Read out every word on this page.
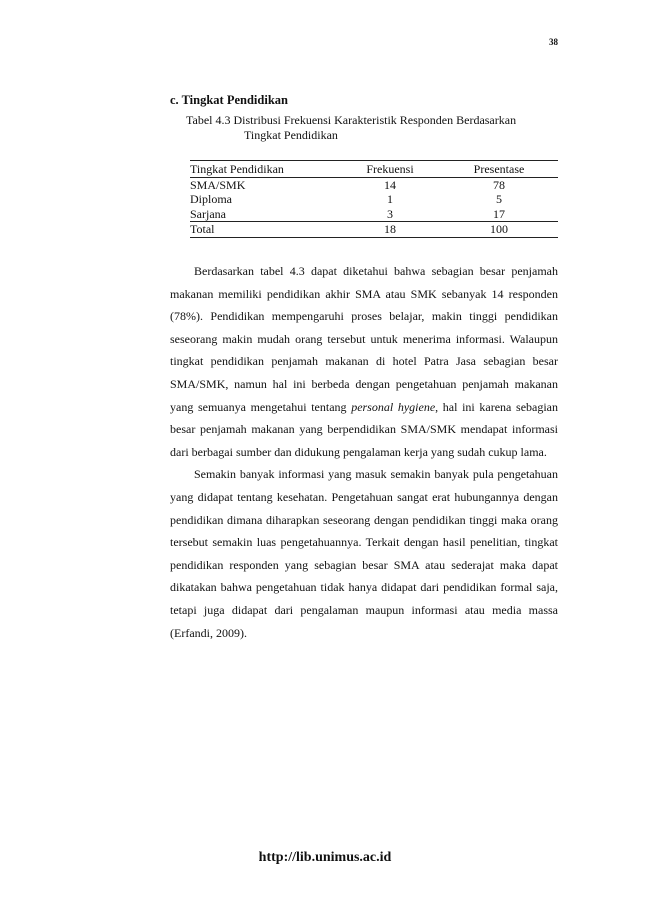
38
c. Tingkat Pendidikan
Tabel 4.3 Distribusi Frekuensi Karakteristik Responden Berdasarkan
Tingkat Pendidikan
Tingkat Pendidikan	Frekuensi	Presentase
SMA/SMK	14	78
Diploma	1	5
Sarjana	3	17
Total	18	100

Berdasarkan tabel 4.3 dapat diketahui bahwa sebagian besar penjamah makanan memiliki pendidikan akhir SMA atau SMK sebanyak 14 responden (78%). Pendidikan mempengaruhi proses belajar, makin tinggi pendidikan seseorang makin mudah orang tersebut untuk menerima informasi. Walaupun tingkat pendidikan penjamah makanan di hotel Patra Jasa sebagian besar SMA/SMK, namun hal ini berbeda dengan pengetahuan penjamah makanan yang semuanya mengetahui tentang personal hygiene, hal ini karena sebagian besar penjamah makanan yang berpendidikan SMA/SMK mendapat informasi dari berbagai sumber dan didukung pengalaman kerja yang sudah cukup lama.

Semakin banyak informasi yang masuk semakin banyak pula pengetahuan yang didapat tentang kesehatan. Pengetahuan sangat erat hubungannya dengan pendidikan dimana diharapkan seseorang dengan pendidikan tinggi maka orang tersebut semakin luas pengetahuannya. Terkait dengan hasil penelitian, tingkat pendidikan responden yang sebagian besar SMA atau sederajat maka dapat dikatakan bahwa pengetahuan tidak hanya didapat dari pendidikan formal saja, tetapi juga didapat dari pengalaman maupun informasi atau media massa (Erfandi, 2009).

http://lib.unimus.ac.id
